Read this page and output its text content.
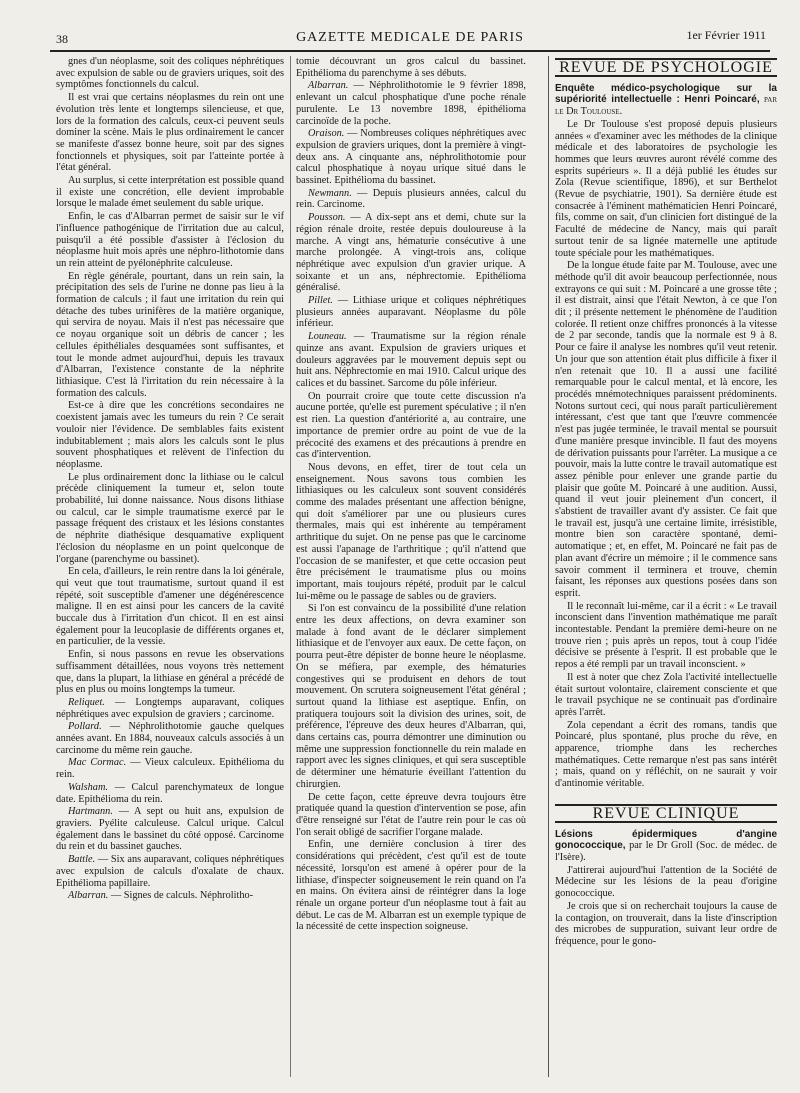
38	GAZETTE MEDICALE DE PARIS	1er Février 1911

gnes d'un néoplasme, soit des coliques néphrétiques avec expulsion de sable ou de graviers uriques, soit des symptômes fonctionnels du calcul.

Il est vrai que certains néoplasmes du rein ont une évolution très lente et longtemps silencieuse, et que, lors de la formation des calculs, ceux-ci peuvent seuls dominer la scène. Mais le plus ordinairement le cancer se manifeste d'assez bonne heure, soit par des signes fonctionnels et physiques, soit par l'atteinte portée à l'état général.

Au surplus, si cette interprétation est possible quand il existe une concrétion, elle devient improbable lorsque le malade émet seulement du sable urique.

Enfin, le cas d'Albarran permet de saisir sur le vif l'influence pathogénique de l'irritation due au calcul, puisqu'il a été possible d'assister à l'éclosion du néoplasme huit mois après une néphro-lithotomie dans un rein atteint de pyélonéphrite calculeuse.

En règle générale, pourtant, dans un rein sain, la précipitation des sels de l'urine ne donne pas lieu à la formation de calculs ; il faut une irritation du rein qui détache des tubes urinifères de la matière organique, qui servira de noyau. Mais il n'est pas nécessaire que ce noyau organique soit un débris de cancer ; les cellules épithéliales desquamées sont suffisantes, et tout le monde admet aujourd'hui, depuis les travaux d'Albarran, l'existence constante de la néphrite lithiasique. C'est là l'irritation du rein nécessaire à la formation des calculs.

Est-ce à dire que les concrétions secondaires ne coexistent jamais avec les tumeurs du rein ? Ce serait vouloir nier l'évidence. De semblables faits existent indubitablement ; mais alors les calculs sont le plus souvent phosphatiques et relèvent de l'infection du néoplasme.

Le plus ordinairement donc la lithiase ou le calcul précède cliniquement la tumeur et, selon toute probabilité, lui donne naissance. Nous disons lithiase ou calcul, car le simple traumatisme exercé par le passage fréquent des cristaux et les lésions constantes de néphrite diathésique desquamative expliquent l'éclosion du néoplasme en un point quelconque de l'organe (parenchyme ou bassinet).

En cela, d'ailleurs, le rein rentre dans la loi générale, qui veut que tout traumatisme, surtout quand il est répété, soit susceptible d'amener une dégénérescence maligne. Il en est ainsi pour les cancers de la cavité buccale dus à l'irritation d'un chicot. Il en est ainsi également pour la leucoplasie de différents organes et, en particulier, de la vessie.

Enfin, si nous passons en revue les observations suffisamment détaillées, nous voyons très nettement que, dans la plupart, la lithiase en général a précédé de plus en plus ou moins longtemps la tumeur.

Reliquet. — Longtemps auparavant, coliques néphrétiques avec expulsion de graviers ; carcinome.

Pollard. — Néphrolithotomie gauche quelques années avant. En 1884, nouveaux calculs associés à un carcinome du même rein gauche.

Mac Cormac. — Vieux calculeux. Epithélioma du rein.

Walsham. — Calcul parenchymateux de longue date. Epithélioma du rein.

Hartmann. — A sept ou huit ans, expulsion de graviers. Pyélite calculeuse. Calcul urique. Calcul également dans le bassinet du côté opposé. Carcinome du rein et du bassinet gauches.

Battle. — Six ans auparavant, coliques néphrétiques avec expulsion de calculs d'oxalate de chaux. Epithélioma papillaire.

Albarran. — Signes de calculs. Néphrolitho-

tomie découvrant un gros calcul du bassinet. Epithélioma du parenchyme à ses débuts.

Albarran. — Néphrolithotomie le 9 février 1898, enlevant un calcul phosphatique d'une poche rénale purulente. Le 13 novembre 1898, épithélioma carcinoïde de la poche.

Oraison. — Nombreuses coliques néphrétiques avec expulsion de graviers uriques, dont la première à vingt-deux ans. A cinquante ans, néphrolithotomie pour calcul phosphatique à noyau urique situé dans le bassinet. Epithélioma du bassinet.

Newmann. — Depuis plusieurs années, calcul du rein. Carcinome.

Pousson. — A dix-sept ans et demi, chute sur la région rénale droite, restée depuis douloureuse à la marche. A vingt ans, hématurie consécutive à une marche prolongée. A vingt-trois ans, colique néphrétique avec expulsion d'un gravier urique. A soixante et un ans, néphrectomie. Epithélioma généralisé.

Pillet. — Lithiase urique et coliques néphrétiques plusieurs années auparavant. Néoplasme du pôle inférieur.

Louneau. — Traumatisme sur la région rénale quinze ans avant. Expulsion de graviers uriques et douleurs aggravées par le mouvement depuis sept ou huit ans. Néphrectomie en mai 1910. Calcul urique des calices et du bassinet. Sarcome du pôle inférieur.

On pourrait croire que toute cette discussion n'a aucune portée, qu'elle est purement spéculative ; il n'en est rien. La question d'antériorité a, au contraire, une importance de premier ordre au point de vue de la précocité des examens et des précautions à prendre en cas d'intervention.

Nous devons, en effet, tirer de tout cela un enseignement. Nous savons tous combien les lithiasiques ou les calculeux sont souvent considérés comme des malades présentant une affection bénigne, qui doit s'améliorer par une ou plusieurs cures thermales, mais qui est inhérente au tempérament arthritique du sujet. On ne pense pas que le carcinome est aussi l'apanage de l'arthritique ; qu'il n'attend que l'occasion de se manifester, et que cette occasion peut être précisément le traumatisme plus ou moins important, mais toujours répété, produit par le calcul lui-même ou le passage de sables ou de graviers.

Si l'on est convaincu de la possibilité d'une relation entre les deux affections, on devra examiner son malade à fond avant de le déclarer simplement lithiasique et de l'envoyer aux eaux. De cette façon, on pourra peut-être dépister de bonne heure le néoplasme. On se méfiera, par exemple, des hématuries congestives qui se produisent en dehors de tout mouvement. On scrutera soigneusement l'état général ; surtout quand la lithiase est aseptique. Enfin, on pratiquera toujours soit la division des urines, soit, de préférence, l'épreuve des deux heures d'Albarran, qui, dans certains cas, pourra démontrer une diminution ou même une suppression fonctionnelle du rein malade en rapport avec les signes cliniques, et qui sera susceptible de déterminer une hématurie éveillant l'attention du chirurgien.

De cette façon, cette épreuve devra toujours être pratiquée quand la question d'intervention se pose, afin d'être renseigné sur l'état de l'autre rein pour le cas où l'on serait obligé de sacrifier l'organe malade.

Enfin, une dernière conclusion à tirer des considérations qui précèdent, c'est qu'il est de toute nécessité, lorsqu'on est amené à opérer pour de la lithiase, d'inspecter soigneusement le rein quand on l'a en mains. On évitera ainsi de réintégrer dans la loge rénale un organe porteur d'un néoplasme tout à fait au début. Le cas de M. Albarran est un exemple typique de la nécessité de cette inspection soigneuse.

REVUE DE PSYCHOLOGIE

Enquête médico-psychologique sur la supériorité intellectuelle : Henri Poincaré, par le Dr Toulouse.

Le Dr Toulouse s'est proposé depuis plusieurs années « d'examiner avec les méthodes de la clinique médicale et des laboratoires de psychologie les hommes que leurs œuvres auront révélé comme des esprits supérieurs ». Il a déjà publié les études sur Zola (Revue scientifique, 1896), et sur Berthelot (Revue de psychiatrie, 1901). Sa dernière étude est consacrée à l'éminent mathématicien Henri Poincaré, fils, comme on sait, d'un clinicien fort distingué de la Faculté de médecine de Nancy, mais qui paraît surtout tenir de sa lignée maternelle une aptitude toute spéciale pour les mathématiques.

De la longue étude faite par M. Toulouse, avec une méthode qu'il dit avoir beaucoup perfectionnée, nous extrayons ce qui suit : M. Poincaré a une grosse tête ; il est distrait, ainsi que l'était Newton, à ce que l'on dit ; il présente nettement le phénomène de l'audition colorée. Il retient onze chiffres prononcés à la vitesse de 2 par seconde, tandis que la normale est 9 à 8. Pour ce faire il analyse les nombres qu'il veut retenir. Un jour que son attention était plus difficile à fixer il n'en retenait que 10. Il a aussi une facilité remarquable pour le calcul mental, et là encore, les procédés mnémotechniques paraissent prédominents. Notons surtout ceci, qui nous paraît particulièrement intéressant, c'est que tant que l'œuvre commencée n'est pas jugée terminée, le travail mental se poursuit d'une manière presque invincible. Il faut des moyens de dérivation puissants pour l'arrêter. La musique a ce pouvoir, mais la lutte contre le travail automatique est assez pénible pour enlever une grande partie du plaisir que goûte M. Poincaré à une audition. Aussi, quand il veut jouir pleinement d'un concert, il s'abstient de travailler avant d'y assister. Ce fait que le travail est, jusqu'à une certaine limite, irrésistible, montre bien son caractère spontané, demi-automatique ; et, en effet, M. Poincaré ne fait pas de plan avant d'écrire un mémoire ; il le commence sans savoir comment il terminera et trouve, chemin faisant, les réponses aux questions posées dans son esprit.

Il le reconnaît lui-même, car il a écrit : « Le travail inconscient dans l'invention mathématique me paraît incontestable. Pendant la première demi-heure on ne trouve rien ; puis après un repos, tout à coup l'idée décisive se présente à l'esprit. Il est probable que le repos a été rempli par un travail inconscient. »

Il est à noter que chez Zola l'activité intellectuelle était surtout volontaire, clairement consciente et que le travail psychique ne se continuait pas d'ordinaire après l'arrêt.

Zola cependant a écrit des romans, tandis que Poincaré, plus spontané, plus proche du rêve, en apparence, triomphe dans les recherches mathématiques. Cette remarque n'est pas sans intérêt ; mais, quand on y réfléchit, on ne saurait y voir d'antinomie véritable.

REVUE CLINIQUE

Lésions épidermiques d'angine gonococcique, par le Dr Groll (Soc. de médec. de l'Isère).

J'attirerai aujourd'hui l'attention de la Société de Médecine sur les lésions de la peau d'origine gonococcique.

Je crois que si on recherchait toujours la cause de la contagion, on trouverait, dans la liste d'inscription des microbes de suppuration, suivant leur ordre de fréquence, pour le gono-
